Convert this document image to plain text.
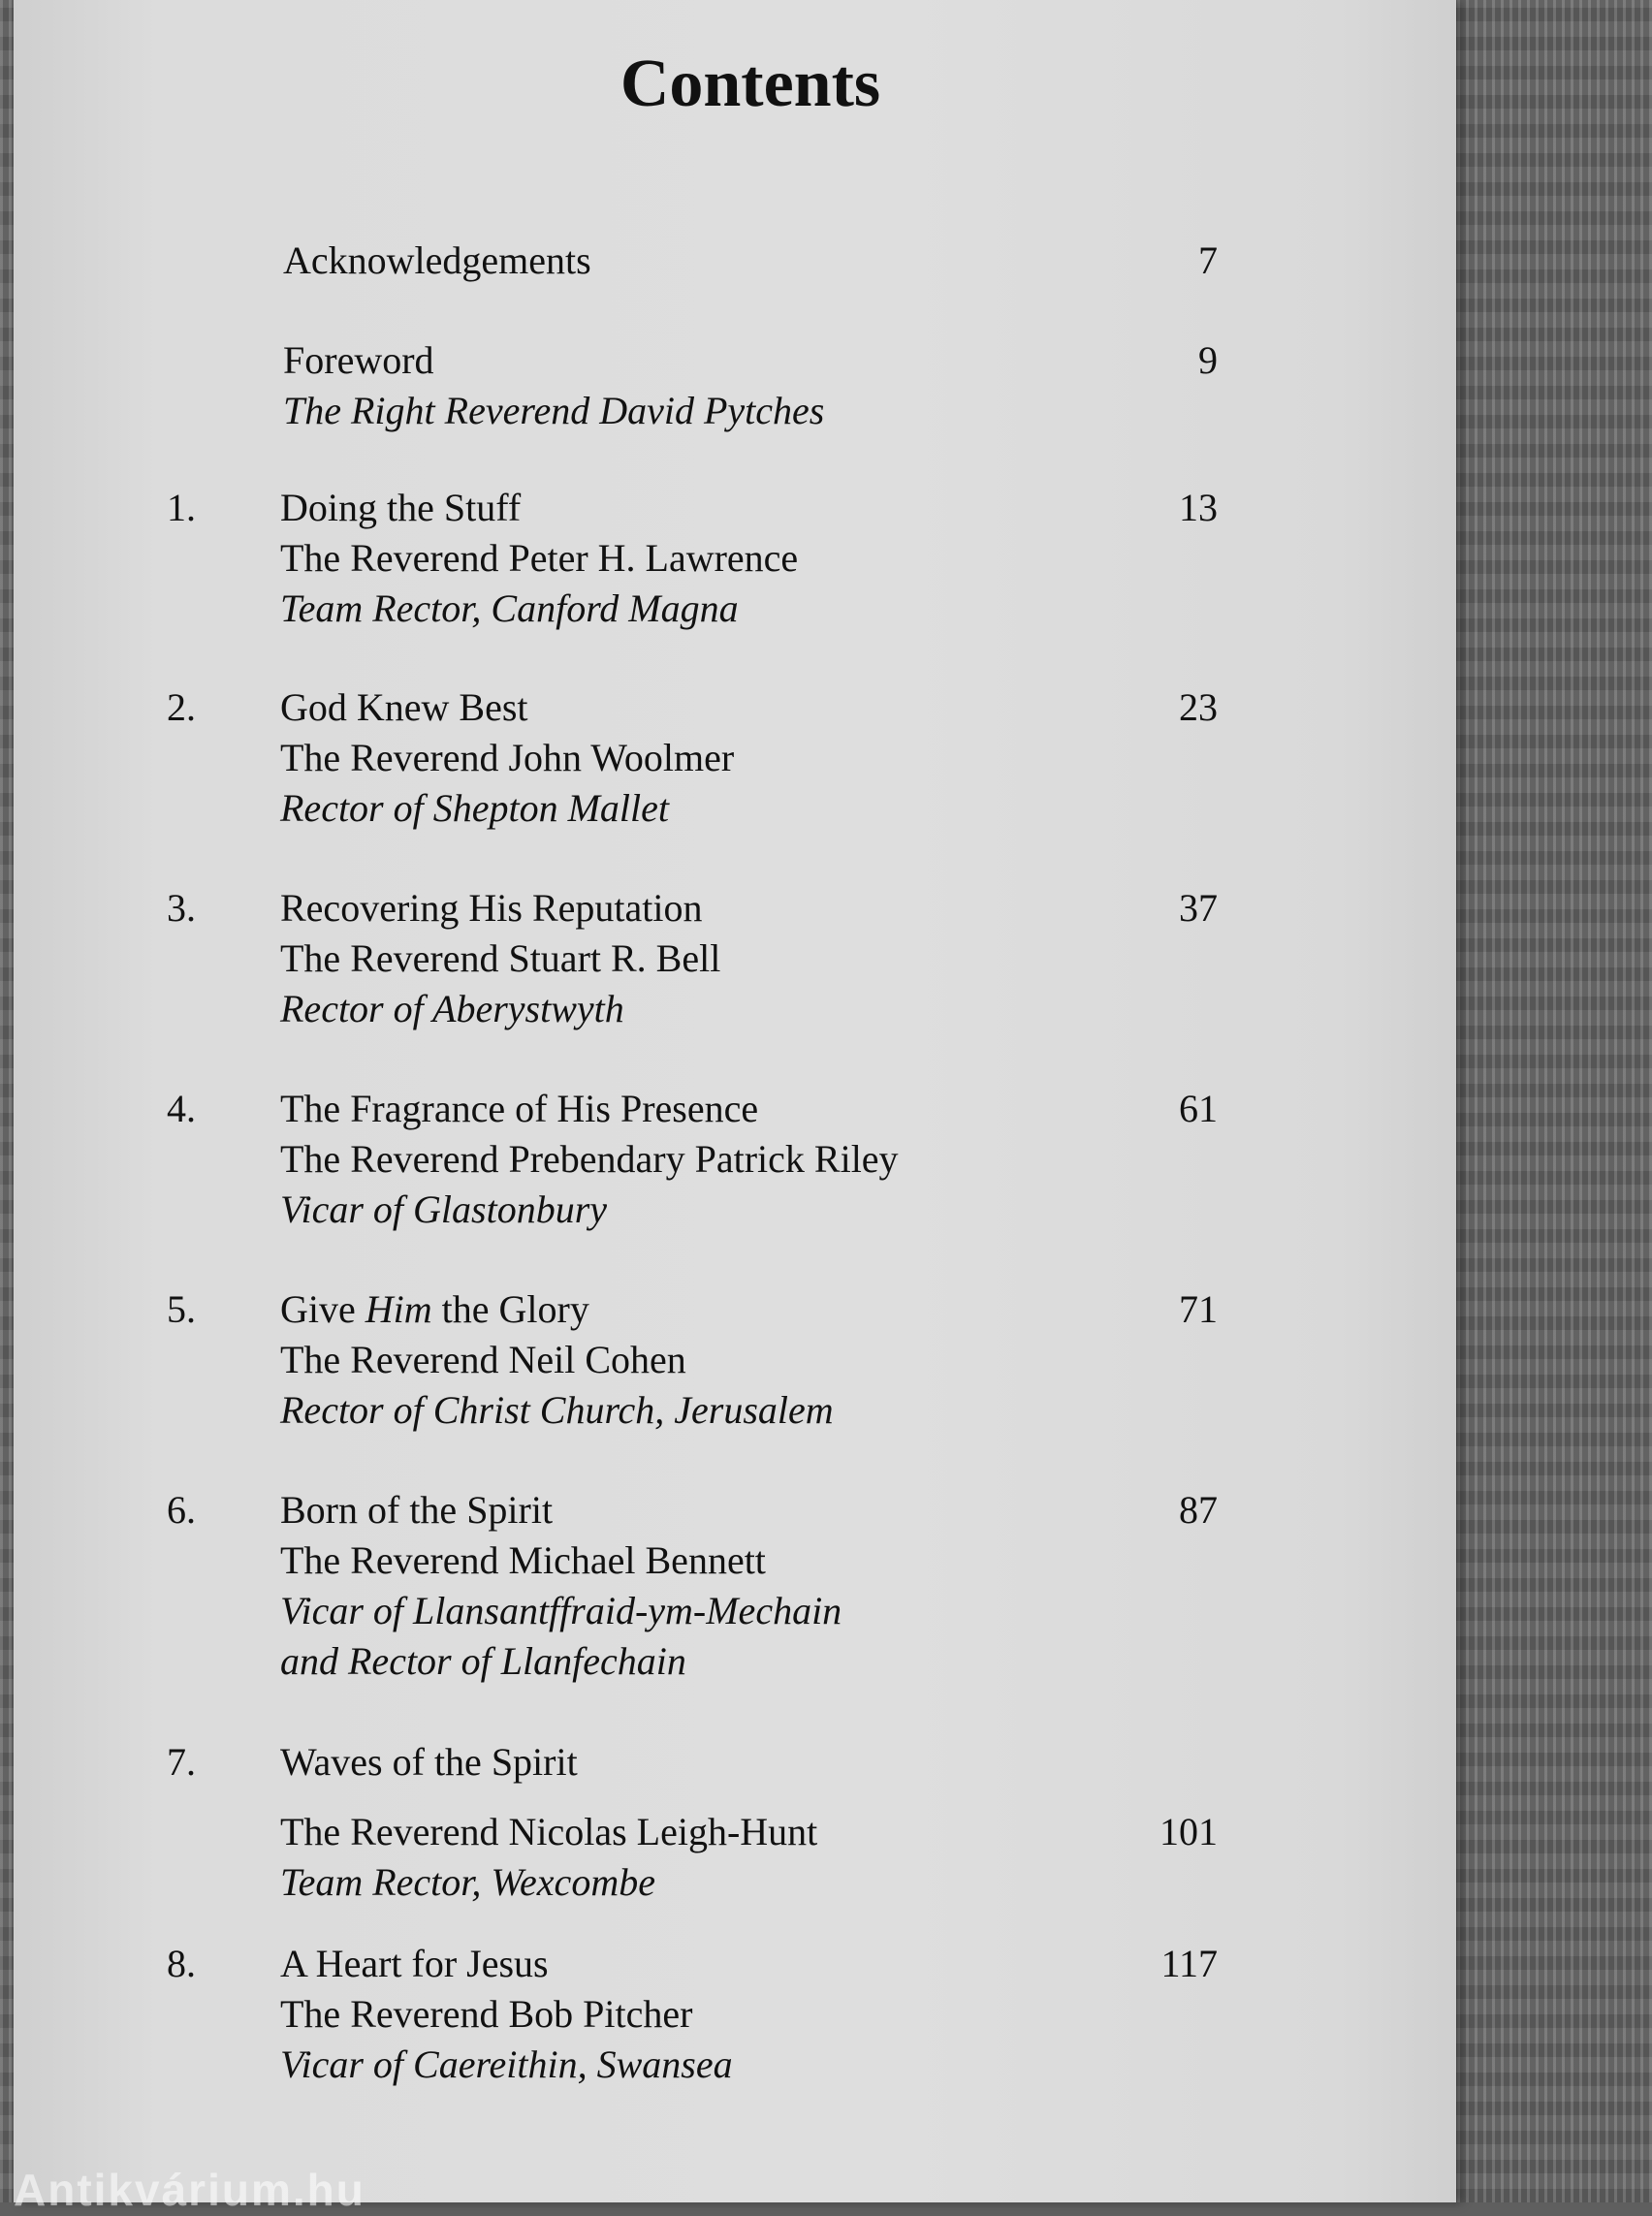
Contents
Acknowledgements	7
Foreword
The Right Reverend David Pytches
9
1. Doing the Stuff
The Reverend Peter H. Lawrence
Team Rector, Canford Magna
13
2. God Knew Best
The Reverend John Woolmer
Rector of Shepton Mallet
23
3. Recovering His Reputation
The Reverend Stuart R. Bell
Rector of Aberystwyth
37
4. The Fragrance of His Presence
The Reverend Prebendary Patrick Riley
Vicar of Glastonbury
61
5. Give Him the Glory
The Reverend Neil Cohen
Rector of Christ Church, Jerusalem
71
6. Born of the Spirit
The Reverend Michael Bennett
Vicar of Llansantffraid-ym-Mechain
and Rector of Llanfechain
87
7. Waves of the Spirit
The Reverend Nicolas Leigh-Hunt
Team Rector, Wexcombe
101
8. A Heart for Jesus
The Reverend Bob Pitcher
Vicar of Caereithin, Swansea
117
Antikvárium.hu
